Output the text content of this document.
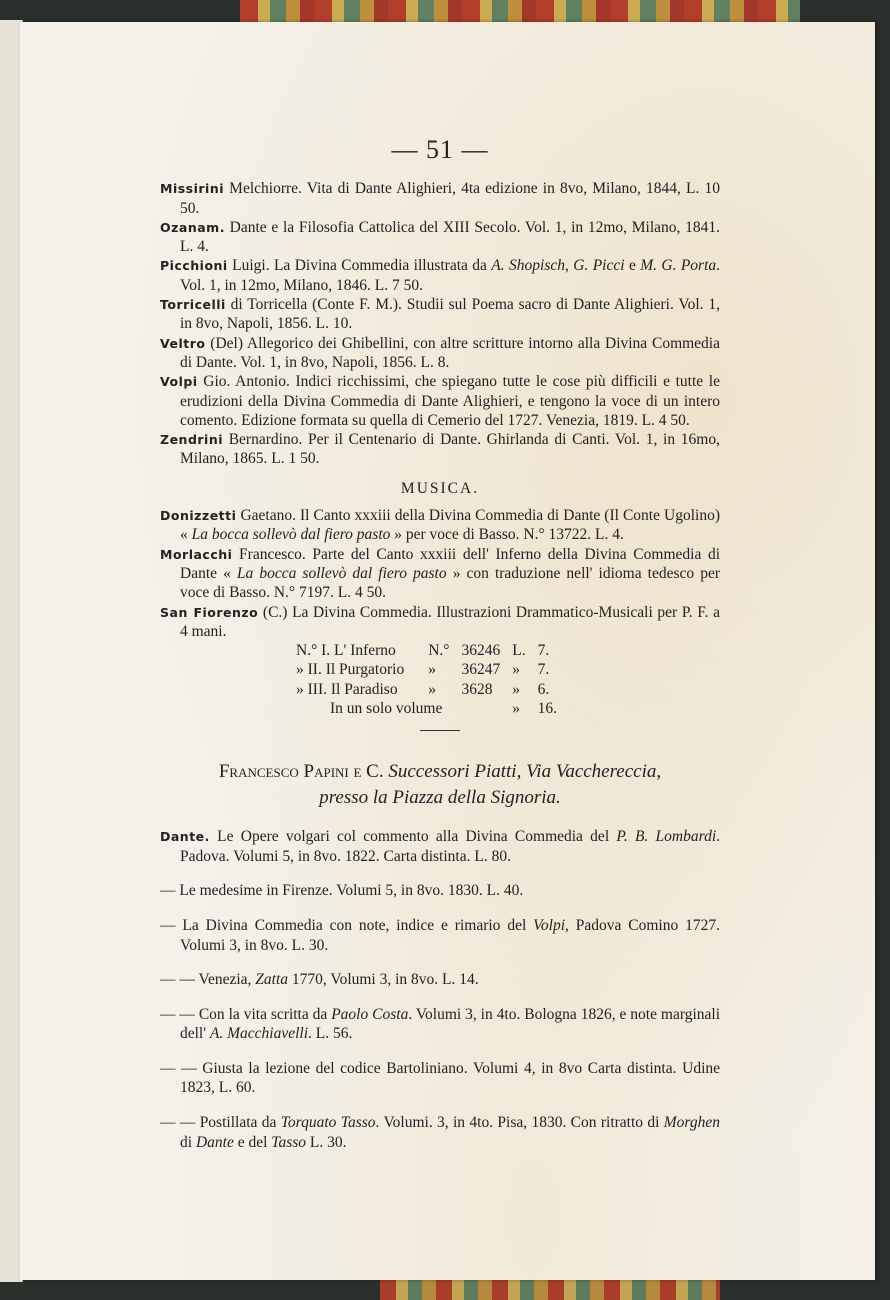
— 51 —

Missirini Melchiorre. Vita di Dante Alighieri, 4ta edizione in 8vo, Milano, 1844, L. 10 50.

Ozanam. Dante e la Filosofia Cattolica del XIII Secolo. Vol. 1, in 12mo, Milano, 1841. L. 4.

Picchioni Luigi. La Divina Commedia illustrata da A. Shopisch, G. Picci e M. G. Porta. Vol. 1, in 12mo, Milano, 1846. L. 7 50.

Torricelli di Torricella (Conte F. M.). Studii sul Poema sacro di Dante Alighieri. Vol. 1, in 8vo, Napoli, 1856. L. 10.

Veltro (Del) Allegorico dei Ghibellini, con altre scritture intorno alla Divina Commedia di Dante. Vol. 1, in 8vo, Napoli, 1856. L. 8.

Volpi Gio. Antonio. Indici ricchissimi, che spiegano tutte le cose più difficili e tutte le erudizioni della Divina Commedia di Dante Alighieri, e tengono la voce di un intero comento. Edizione formata su quella di Cemerio del 1727. Venezia, 1819. L. 4 50.

Zendrini Bernardino. Per il Centenario di Dante. Ghirlanda di Canti. Vol. 1, in 16mo, Milano, 1865. L. 1 50.

MUSICA.

Donizzetti Gaetano. Il Canto xxxiii della Divina Commedia di Dante (Il Conte Ugolino) « La bocca sollevò dal fiero pasto » per voce di Basso. N.° 13722. L. 4.

Morlacchi Francesco. Parte del Canto xxxiii dell' Inferno della Divina Commedia di Dante « La bocca sollevò dal fiero pasto » con traduzione nell' idioma tedesco per voce di Basso. N.° 7197. L. 4 50.

San Fiorenzo (C.) La Divina Commedia. Illustrazioni Drammatico-Musicali per P. F. a 4 mani.

N.° I. L' Inferno	N.°	36246	L.	7.
» II. Il Purgatorio	»	36247	»	7.
» III. Il Paradiso	»	3628	»	6.
In un solo volume			»	16.
Francesco Papini e C. Successori Piatti, Via Vacchereccia,
presso la Piazza della Signoria.

Dante. Le Opere volgari col commento alla Divina Commedia del P. B. Lombardi. Padova. Volumi 5, in 8vo. 1822. Carta distinta. L. 80.

— Le medesime in Firenze. Volumi 5, in 8vo. 1830. L. 40.

— La Divina Commedia con note, indice e rimario del Volpi, Padova Comino 1727. Volumi 3, in 8vo. L. 30.

— — Venezia, Zatta 1770, Volumi 3, in 8vo. L. 14.

— — Con la vita scritta da Paolo Costa. Volumi 3, in 4to. Bologna 1826, e note marginali dell' A. Macchiavelli. L. 56.

— — Giusta la lezione del codice Bartoliniano. Volumi 4, in 8vo Carta distinta. Udine 1823, L. 60.

— — Postillata da Torquato Tasso. Volumi. 3, in 4to. Pisa, 1830. Con ritratto di Morghen di Dante e del Tasso L. 30.
